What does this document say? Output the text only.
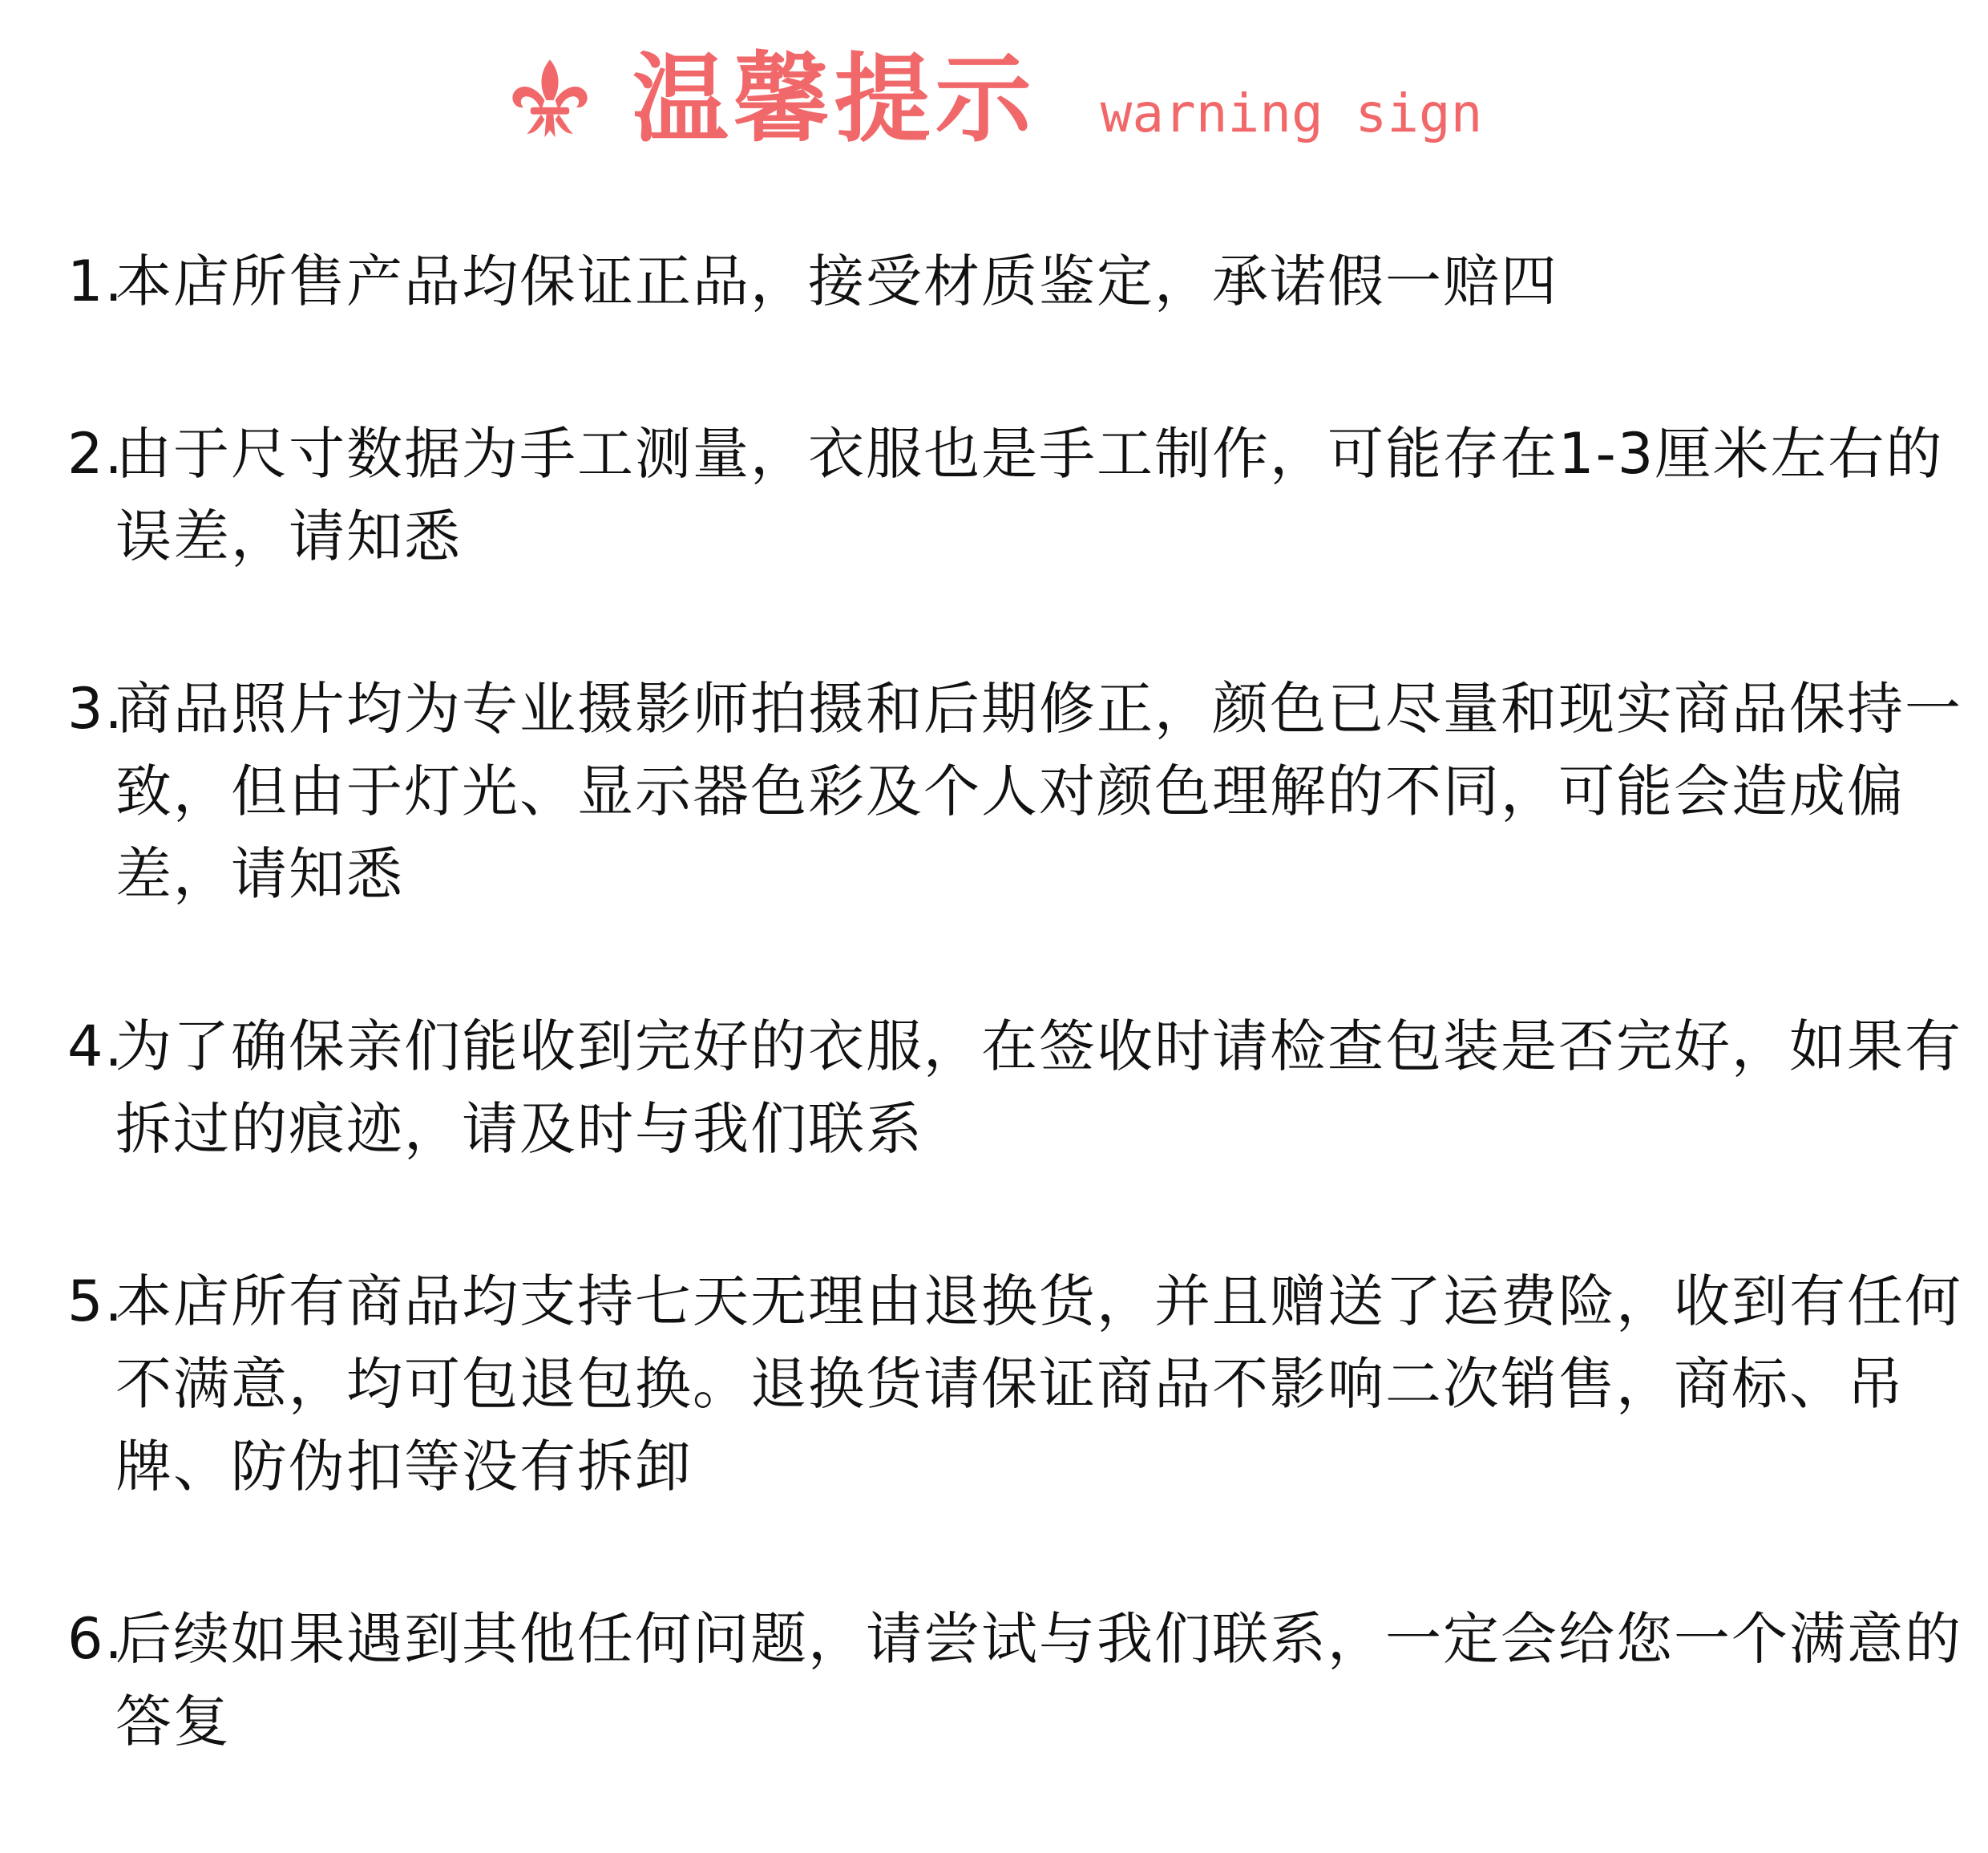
温馨提示 warning sign
1.
本店所售产品均保证正品，接受材质鉴定，承诺假一赔四
2.
由于尺寸数据为手工测量，衣服也是手工制作，可能存在1-3厘米左右的误差，请知悉
3.
商品照片均为专业摄影师拍摄和后期修正，颜色已尽量和现实商品保持一致，但由于灯光、显示器色彩及个人对颜色理解的不同，可能会造成偏差，请知悉
4.
为了确保亲们能收到完好的衣服，在签收时请检查包装是否完好，如果有拆过的痕迹，请及时与我们联系
5.
本店所有商品均支持七天无理由退换货，并且赠送了运费险，收到有任何不满意，均可包退包换。退换货请保证商品不影响二次销售，商标、吊牌、防伪扣等没有拆卸
6.
后续如果遇到其他任何问题，请尝试与我们联系，一定会给您一个满意的答复
